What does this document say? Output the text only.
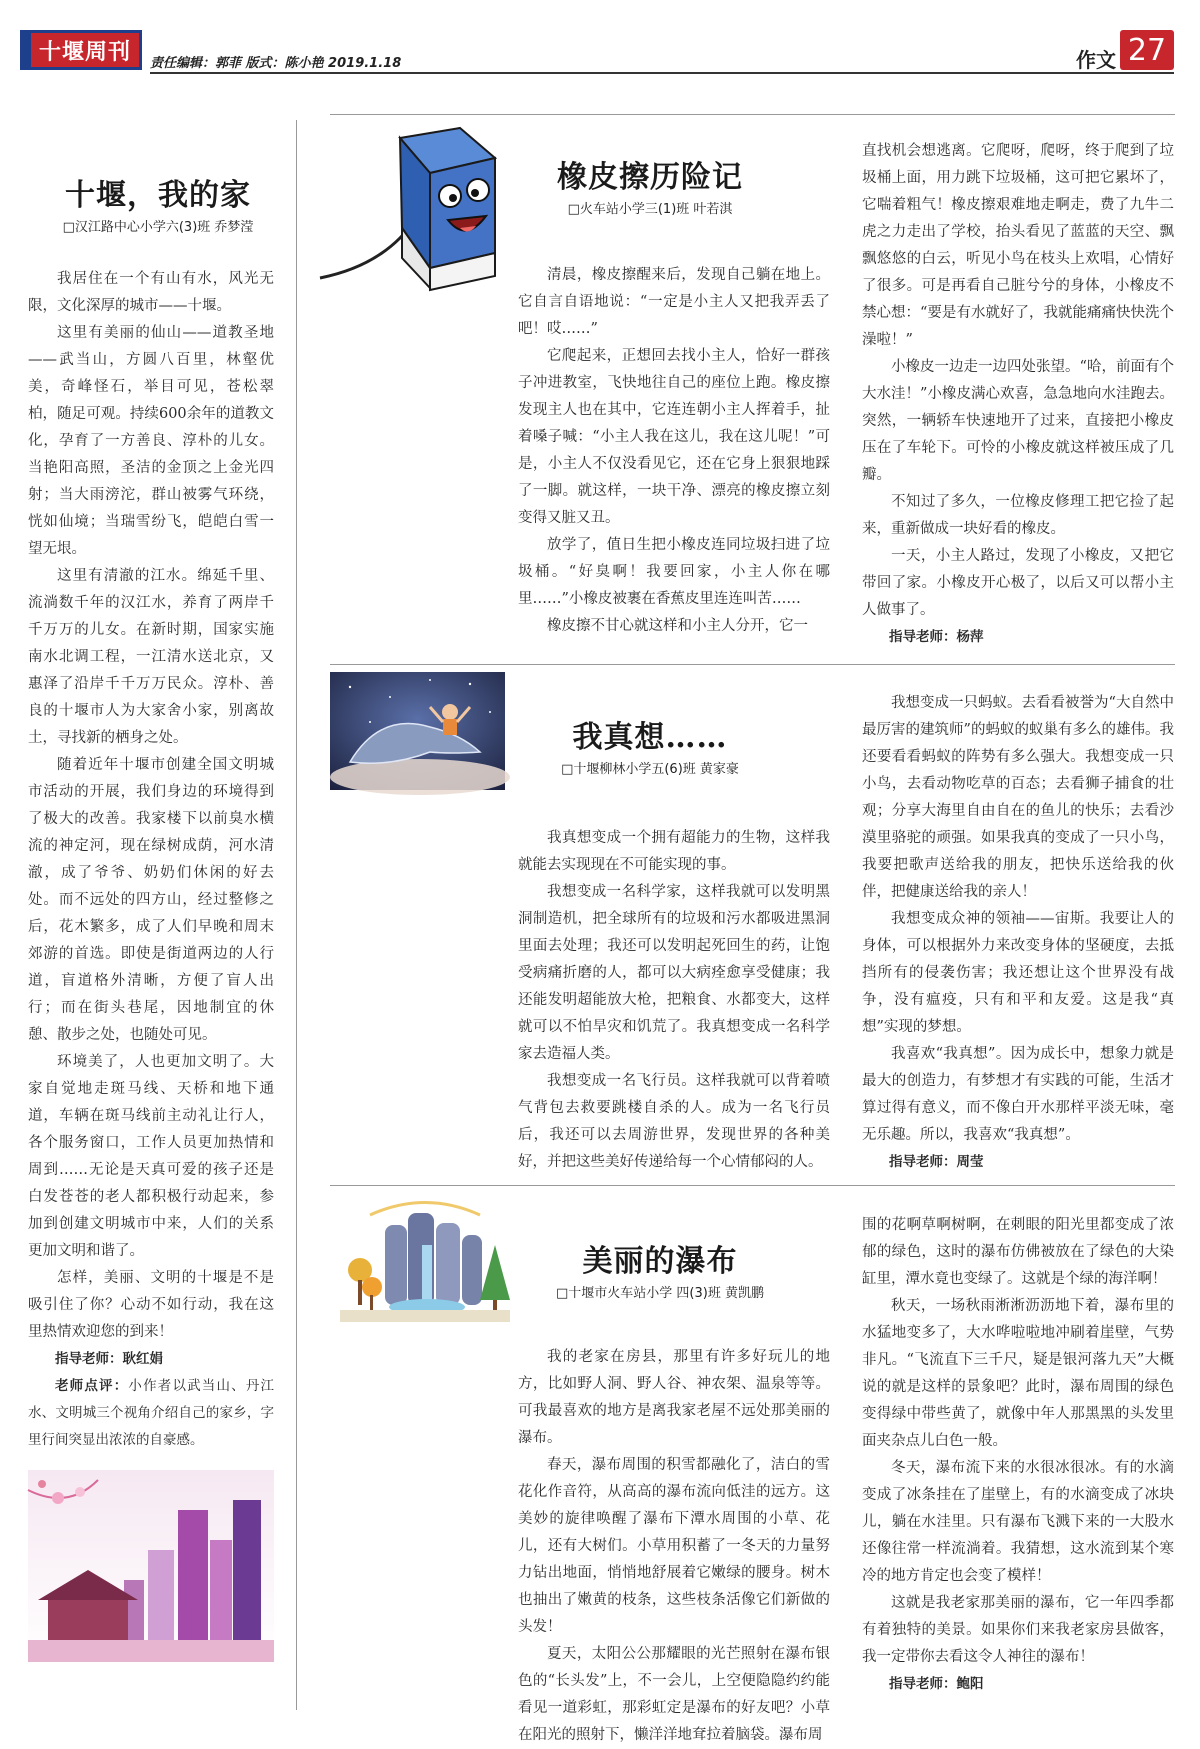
十堰周刊	责任编辑：郭菲 版式：陈小艳 2019.1.18	作文 27
十堰，我的家
□汉江路中心小学六(3)班 乔梦滢

我居住在一个有山有水，风光无限，文化深厚的城市——十堰。

这里有美丽的仙山——道教圣地——武当山，方圆八百里，林壑优美，奇峰怪石，举目可见，苍松翠柏，随足可观。持续600余年的道教文化，孕育了一方善良、淳朴的儿女。当艳阳高照，圣洁的金顶之上金光四射；当大雨滂沱，群山被雾气环绕，恍如仙境；当瑞雪纷飞，皑皑白雪一望无垠。

这里有清澈的江水。绵延千里、流淌数千年的汉江水，养育了两岸千千万万的儿女。在新时期，国家实施南水北调工程，一江清水送北京，又惠泽了沿岸千千万万民众。淳朴、善良的十堰市人为大家舍小家，别离故土，寻找新的栖身之处。

随着近年十堰市创建全国文明城市活动的开展，我们身边的环境得到了极大的改善。我家楼下以前臭水横流的神定河，现在绿树成荫，河水清澈，成了爷爷、奶奶们休闲的好去处。而不远处的四方山，经过整修之后，花木繁多，成了人们早晚和周末郊游的首选。即使是街道两边的人行道，盲道格外清晰，方便了盲人出行；而在街头巷尾，因地制宜的休憩、散步之处，也随处可见。

环境美了，人也更加文明了。大家自觉地走斑马线、天桥和地下通道，车辆在斑马线前主动礼让行人，各个服务窗口，工作人员更加热情和周到……无论是天真可爱的孩子还是白发苍苍的老人都积极行动起来，参加到创建文明城市中来，人们的关系更加文明和谐了。

怎样，美丽、文明的十堰是不是吸引住了你？心动不如行动，我在这里热情欢迎您的到来！

指导老师：耿红娟
老师点评：小作者以武当山、丹江水、文明城三个视角介绍自己的家乡，字里行间突显出浓浓的自豪感。
橡皮擦历险记
□火车站小学三(1)班 叶若淇

清晨，橡皮擦醒来后，发现自己躺在地上。它自言自语地说：“一定是小主人又把我弄丢了吧！哎……”

它爬起来，正想回去找小主人，恰好一群孩子冲进教室，飞快地往自己的座位上跑。橡皮擦发现主人也在其中，它连连朝小主人挥着手，扯着嗓子喊：“小主人我在这儿，我在这儿呢！”可是，小主人不仅没看见它，还在它身上狠狠地踩了一脚。就这样，一块干净、漂亮的橡皮擦立刻变得又脏又丑。

放学了，值日生把小橡皮连同垃圾扫进了垃圾桶。“好臭啊！我要回家，小主人你在哪里……”小橡皮被裹在香蕉皮里连连叫苦……

橡皮擦不甘心就这样和小主人分开，它一

直找机会想逃离。它爬呀，爬呀，终于爬到了垃圾桶上面，用力跳下垃圾桶，这可把它累坏了，它喘着粗气！橡皮擦艰难地走啊走，费了九牛二虎之力走出了学校，抬头看见了蓝蓝的天空、飘飘悠悠的白云，听见小鸟在枝头上欢唱，心情好了很多。可是再看自己脏兮兮的身体，小橡皮不禁心想：“要是有水就好了，我就能痛痛快快洗个澡啦！”

小橡皮一边走一边四处张望。“哈，前面有个大水洼！”小橡皮满心欢喜，急急地向水洼跑去。突然，一辆轿车快速地开了过来，直接把小橡皮压在了车轮下。可怜的小橡皮就这样被压成了几瓣。

不知过了多久，一位橡皮修理工把它捡了起来，重新做成一块好看的橡皮。

一天，小主人路过，发现了小橡皮，又把它带回了家。小橡皮开心极了，以后又可以帮小主人做事了。

指导老师：杨萍
我真想……
□十堰柳林小学五(6)班 黄家豪

我真想变成一个拥有超能力的生物，这样我就能去实现现在不可能实现的事。

我想变成一名科学家，这样我就可以发明黑洞制造机，把全球所有的垃圾和污水都吸进黑洞里面去处理；我还可以发明起死回生的药，让饱受病痛折磨的人，都可以大病痊愈享受健康；我还能发明超能放大枪，把粮食、水都变大，这样就可以不怕旱灾和饥荒了。我真想变成一名科学家去造福人类。

我想变成一名飞行员。这样我就可以背着喷气背包去救要跳楼自杀的人。成为一名飞行员后，我还可以去周游世界，发现世界的各种美好，并把这些美好传递给每一个心情郁闷的人。

我想变成一只蚂蚁。去看看被誉为“大自然中最厉害的建筑师”的蚂蚁的蚁巢有多么的雄伟。我还要看看蚂蚁的阵势有多么强大。我想变成一只小鸟，去看动物吃草的百态；去看狮子捕食的壮观；分享大海里自由自在的鱼儿的快乐；去看沙漠里骆驼的顽强。如果我真的变成了一只小鸟，我要把歌声送给我的朋友，把快乐送给我的伙伴，把健康送给我的亲人！

我想变成众神的领袖——宙斯。我要让人的身体，可以根据外力来改变身体的坚硬度，去抵挡所有的侵袭伤害；我还想让这个世界没有战争，没有瘟疫，只有和平和友爱。这是我“真想”实现的梦想。

我喜欢“我真想”。因为成长中，想象力就是最大的创造力，有梦想才有实践的可能，生活才算过得有意义，而不像白开水那样平淡无味，毫无乐趣。所以，我喜欢“我真想”。

指导老师：周莹
美丽的瀑布
□十堰市火车站小学 四(3)班 黄凯鹏

我的老家在房县，那里有许多好玩儿的地方，比如野人洞、野人谷、神农架、温泉等等。可我最喜欢的地方是离我家老屋不远处那美丽的瀑布。

春天，瀑布周围的积雪都融化了，洁白的雪花化作音符，从高高的瀑布流向低洼的远方。这美妙的旋律唤醒了瀑布下潭水周围的小草、花儿，还有大树们。小草用积蓄了一冬天的力量努力钻出地面，悄悄地舒展着它嫩绿的腰身。树木也抽出了嫩黄的枝条，这些枝条活像它们新做的头发！

夏天，太阳公公那耀眼的光芒照射在瀑布银色的“长头发”上，不一会儿，上空便隐隐约约能看见一道彩虹，那彩虹定是瀑布的好友吧？小草在阳光的照射下，懒洋洋地耷拉着脑袋。瀑布周

围的花啊草啊树啊，在刺眼的阳光里都变成了浓郁的绿色，这时的瀑布仿佛被放在了绿色的大染缸里，潭水竟也变绿了。这就是个绿的海洋啊！

秋天，一场秋雨淅淅沥沥地下着，瀑布里的水猛地变多了，大水哗啦啦地冲刷着崖壁，气势非凡。“飞流直下三千尺，疑是银河落九天”大概说的就是这样的景象吧？此时，瀑布周围的绿色变得绿中带些黄了，就像中年人那黑黑的头发里面夹杂点儿白色一般。

冬天，瀑布流下来的水很冰很冰。有的水滴变成了冰条挂在了崖壁上，有的水滴变成了冰块儿，躺在水洼里。只有瀑布飞溅下来的一大股水还像往常一样流淌着。我猜想，这水流到某个寒冷的地方肯定也会变了模样！

这就是我老家那美丽的瀑布，它一年四季都有着独特的美景。如果你们来我老家房县做客，我一定带你去看这令人神往的瀑布！

指导老师：鲍阳
